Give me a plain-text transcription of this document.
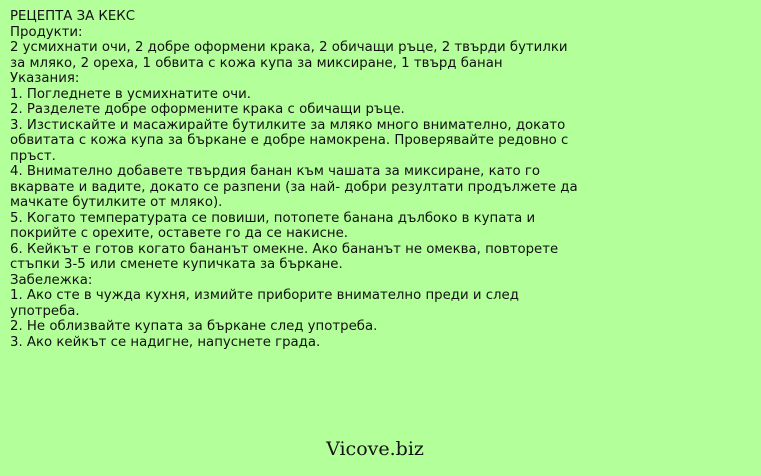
РЕЦЕПТА ЗА КЕКС
Продукти:
2 усмихнати очи, 2 добре оформени крака, 2 обичащи ръце, 2 твърди бутилки
за мляко, 2 ореха, 1 обвита с кожа купа за миксиране, 1 твърд банан
Указания:
1. Погледнете в усмихнатите очи.
2. Разделете добре оформените крака с обичащи ръце.
3. Изстискайте и масажирайте бутилките за мляко много внимателно, докато
обвитата с кожа купа за бъркане е добре намокрена. Проверявайте редовно с
пръст.
4. Внимателно добавете твърдия банан към чашата за миксиране, като го
вкарвате и вадите, докато се разпени (за най- добри резултати продължете да
мачкате бутилките от мляко).
5. Когато температурата се повиши, потопете банана дълбоко в купата и
покрийте с орехите, оставете го да се накисне.
6. Кейкът е готов когато бананът омекне. Ако бананът не омеква, повторете
стъпки 3-5 или сменете купичката за бъркане.
Забележка:
1. Ако сте в чужда кухня, измийте приборите внимателно преди и след
употреба.
2. Не облизвайте купата за бъркане след употреба.
3. Ако кейкът се надигне, напуснете града.
Vicove.biz
